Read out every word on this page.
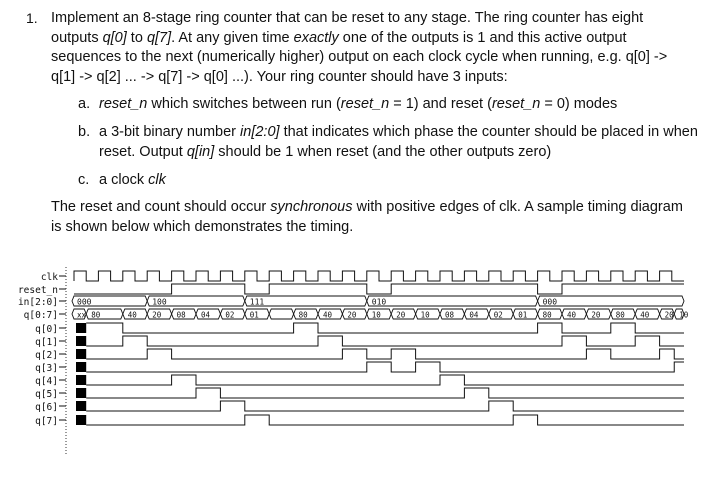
1. Implement an 8-stage ring counter that can be reset to any stage. The ring counter has eight outputs q[0] to q[7]. At any given time exactly one of the outputs is 1 and this active output sequences to the next (numerically higher) output on each clock cycle when running, e.g. q[0] -> q[1] -> q[2] ... -> q[7] -> q[0] ...). Your ring counter should have 3 inputs:
a. reset_n which switches between run (reset_n = 1) and reset (reset_n = 0) modes
b. a 3-bit binary number in[2:0] that indicates which phase the counter should be placed in when reset. Output q[in] should be 1 when reset (and the other outputs zero)
c. a clock clk
The reset and count should occur synchronous with positive edges of clk. A sample timing diagram is shown below which demonstrates the timing.
clk
reset_n
in[2:0]
q[0:7]
q[0]
q[1]
q[2]
q[3]
q[4]
q[5]
q[6]
q[7]
000	100	111	010	000
xx 80	40 20 08 04 02 01	80 40 20 10 20 10 08 04 02 01 80 40 20 80 40 20 10
